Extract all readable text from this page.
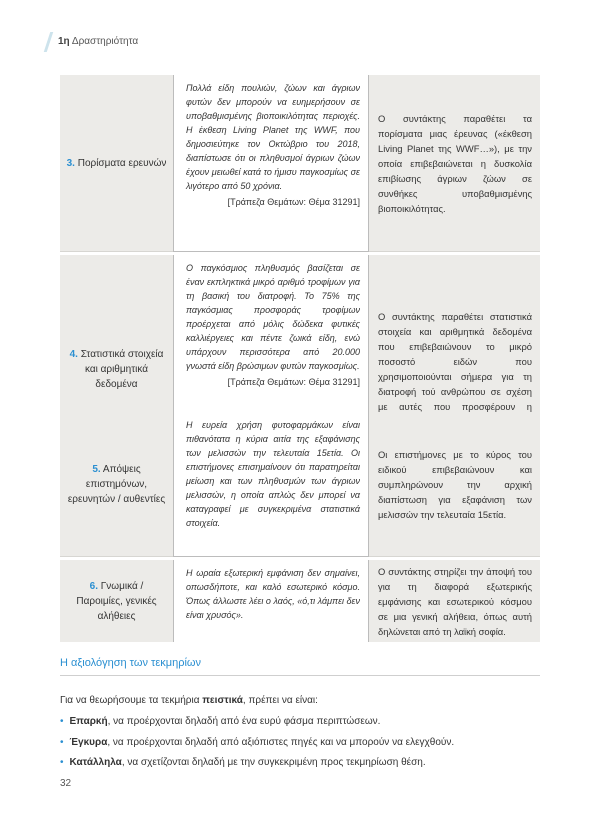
1η Δραστηριότητα
3. Πορίσματα ερευνών
Πολλά είδη πουλιών, ζώων και άγριων φυτών δεν μπορούν να ευημερήσουν σε υποβαθμισμένης βιοποικιλότητας περιοχές. Η έκθεση Living Planet της WWF, που δημοσιεύτηκε τον Οκτώβριο του 2018, διαπίστωσε ότι οι πληθυσμοί άγριων ζώων έχουν μειωθεί κατά το ήμισυ παγκοσμίως σε λιγότερο από 50 χρόνια.
[Τράπεζα Θεμάτων: Θέμα 31291]
Ο συντάκτης παραθέτει τα πορίσματα μιας έρευνας («έκθεση Living Planet της WWF…»), με την οποία επιβεβαιώνεται η δυσκολία επιβίωσης άγριων ζώων σε συνθήκες υποβαθμισμένης βιοποικιλότητας.
4. Στατιστικά στοιχεία και αριθμητικά δεδομένα
Ο παγκόσμιος πληθυσμός βασίζεται σε έναν εκπληκτικά μικρό αριθμό τροφίμων για τη βασική του διατροφή. Το 75% της παγκόσμιας προσφοράς τροφίμων προέρχεται από μόλις δώδεκα φυτικές καλλιέργειες και πέντε ζωικά είδη, ενώ υπάρχουν περισσότερα από 20.000 γνωστά είδη βρώσιμων φυτών παγκοσμίως.
[Τράπεζα Θεμάτων: Θέμα 31291]
Ο συντάκτης παραθέτει στατιστικά στοιχεία και αριθμητικά δεδομένα που επιβεβαιώνουν το μικρό ποσοστό ειδών που χρησιμοποιούνται σήμερα για τη διατροφή τού ανθρώπου σε σχέση με αυτές που προσφέρουν η
5. Απόψεις επιστημόνων, ερευνητών / αυθεντίες
Η ευρεία χρήση φυτοφαρμάκων είναι πιθανότατα η κύρια αιτία της εξαφάνισης των μελισσών την τελευταία 15ετία. Οι επιστήμονες επισημαίνουν ότι παρατηρείται μείωση και των πληθυσμών των άγριων μελισσών, η οποία απλώς δεν μπορεί να καταγραφεί με συγκεκριμένα στατιστικά στοιχεία.
Οι επιστήμονες με το κύρος του ειδικού επιβεβαιώνουν και συμπληρώνουν την αρχική διαπίστωση για εξαφάνιση των μελισσών την τελευταία 15ετία.
6. Γνωμικά / Παροιμίες, γενικές αλήθειες
Η ωραία εξωτερική εμφάνιση δεν σημαίνει, οπωσδήποτε, και καλό εσωτερικό κόσμο. Όπως άλλωστε λέει ο λαός, «ό,τι λάμπει δεν είναι χρυσός».
Ο συντάκτης στηρίζει την άποψή του για τη διαφορά εξωτερικής εμφάνισης και εσωτερικού κόσμου σε μια γενική αλήθεια, όπως αυτή δηλώνεται από τη λαϊκή σοφία.
Η αξιολόγηση των τεκμηρίων
Για να θεωρήσουμε τα τεκμήρια πειστικά, πρέπει να είναι:
• Επαρκή, να προέρχονται δηλαδή από ένα ευρύ φάσμα περιπτώσεων.
• Έγκυρα, να προέρχονται δηλαδή από αξιόπιστες πηγές και να μπορούν να ελεγχθούν.
• Κατάλληλα, να σχετίζονται δηλαδή με την συγκεκριμένη προς τεκμηρίωση θέση.
32
